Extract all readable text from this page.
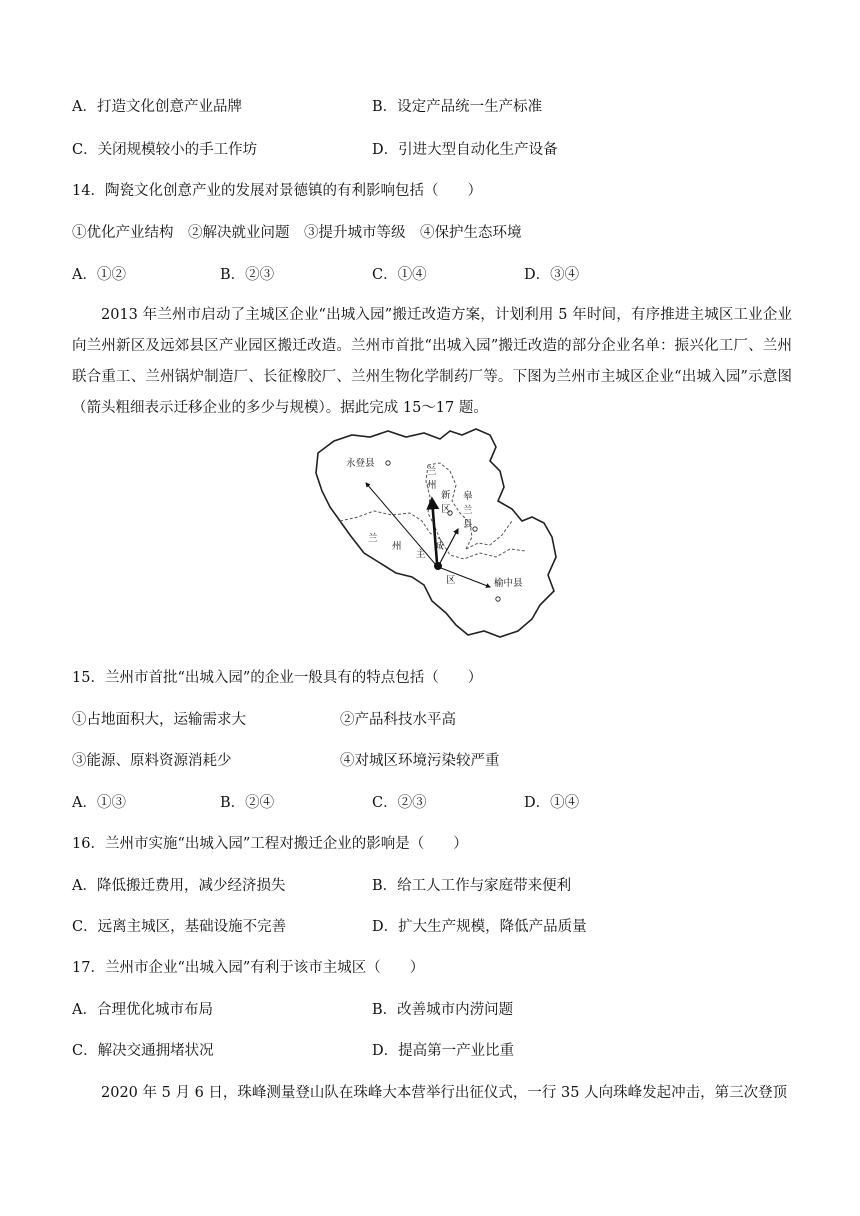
A．打造文化创意产业品牌	B．设定产品统一生产标准
C．关闭规模较小的手工作坊	D．引进大型自动化生产设备
14．陶瓷文化创意产业的发展对景德镇的有利影响包括（　　）
①优化产业结构　②解决就业问题　③提升城市等级　④保护生态环境
A．①②	B．②③	C．①④	D．③④
2013 年兰州市启动了主城区企业“出城入园”搬迁改造方案，计划利用 5 年时间，有序推进主城区工业企业向兰州新区及远郊县区产业园区搬迁改造。兰州市首批“出城入园”搬迁改造的部分企业名单：振兴化工厂、兰州联合重工、兰州锅炉制造厂、长征橡胶厂、兰州生物化学制药厂等。下图为兰州市主城区企业“出城入园”示意图（箭头粗细表示迁移企业的多少与规模）。据此完成 15～17 题。
永登县
兰
州
新
区
皋
兰
县
兰
州
主
城
区	榆中县
15．兰州市首批“出城入园”的企业一般具有的特点包括（　　）
①占地面积大，运输需求大	②产品科技水平高
③能源、原料资源消耗少	④对城区环境污染较严重
A．①③	B．②④	C．②③	D．①④
16．兰州市实施“出城入园”工程对搬迁企业的影响是（　　）
A．降低搬迁费用，减少经济损失	B．给工人工作与家庭带来便利
C．远离主城区，基础设施不完善	D．扩大生产规模，降低产品质量
17．兰州市企业“出城入园”有利于该市主城区（　　）
A．合理优化城市布局	B．改善城市内涝问题
C．解决交通拥堵状况	D．提高第一产业比重
2020 年 5 月 6 日，珠峰测量登山队在珠峰大本营举行出征仪式，一行 35 人向珠峰发起冲击，第三次登顶
